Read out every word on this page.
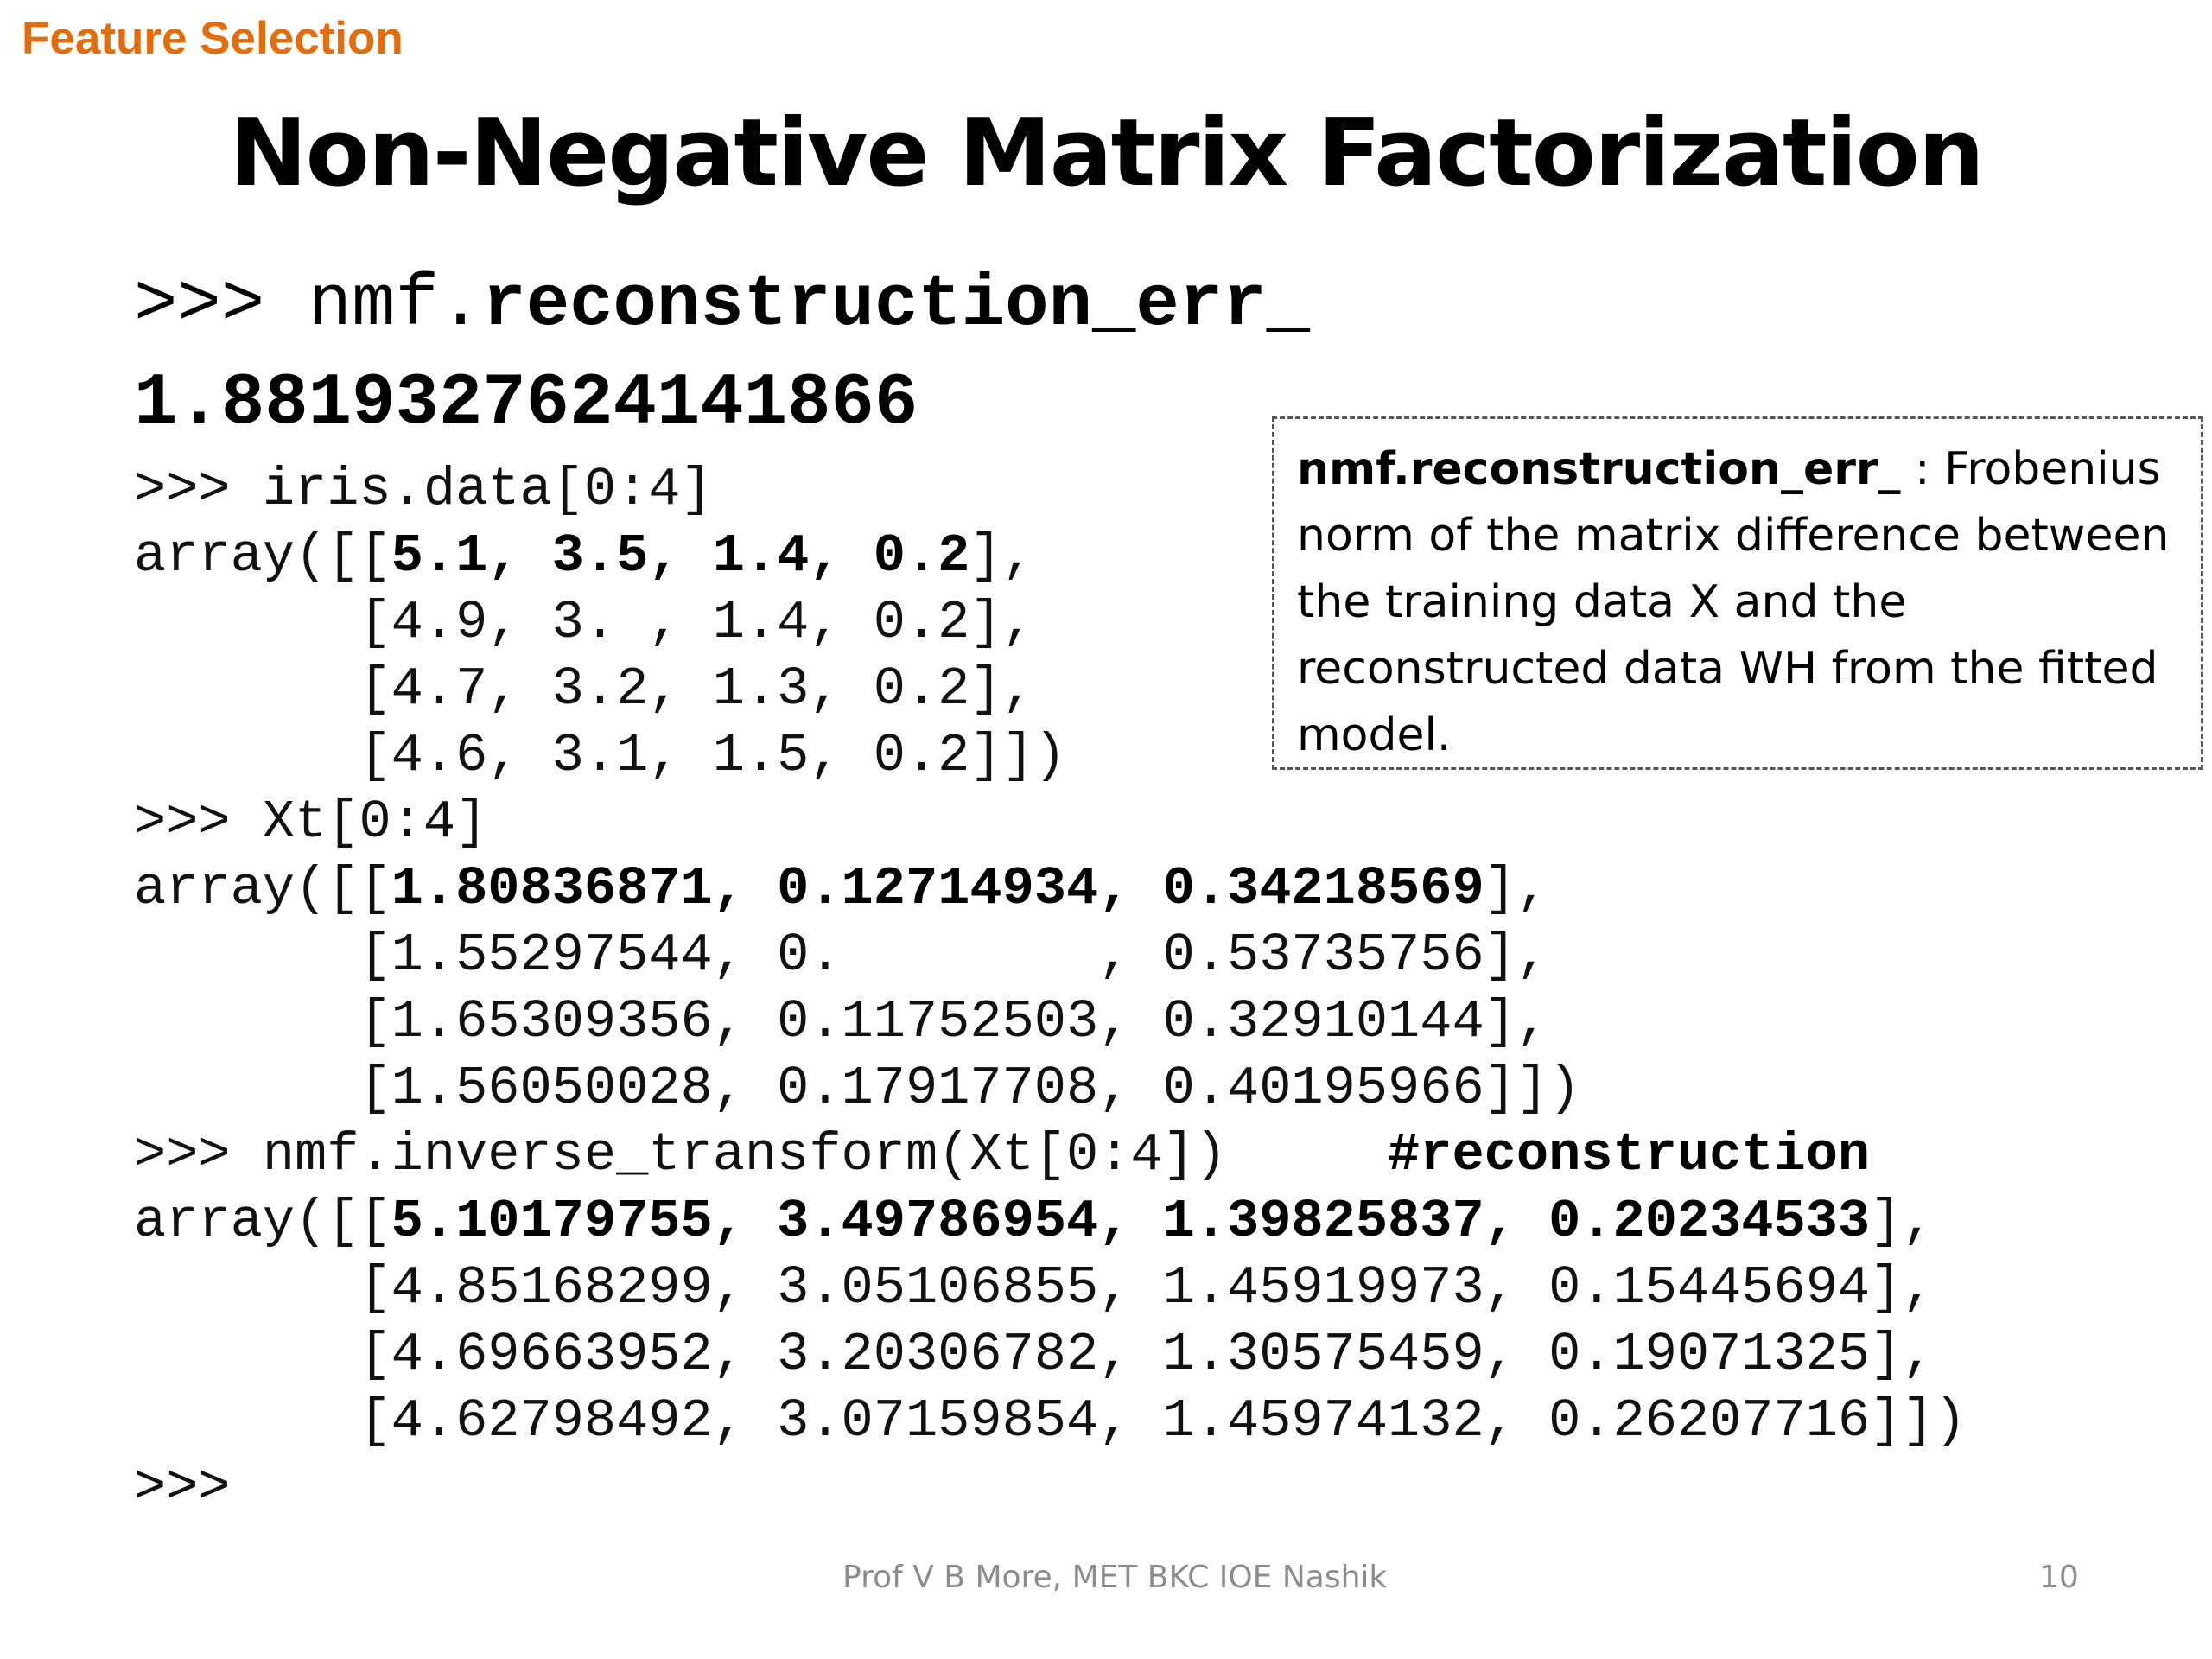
Feature Selection
Non-Negative Matrix Factorization
>>> nmf.reconstruction_err_
1.8819327624141866
>>> iris.data[0:4]
array([[5.1, 3.5, 1.4, 0.2],
[4.9, 3. , 1.4, 0.2],
[4.7, 3.2, 1.3, 0.2],
[4.6, 3.1, 1.5, 0.2]])
>>> Xt[0:4]
array([[1.80836871, 0.12714934, 0.34218569],
[1.55297544, 0.        , 0.53735756],
[1.65309356, 0.11752503, 0.32910144],
[1.56050028, 0.17917708, 0.40195966]])
>>> nmf.inverse_transform(Xt[0:4])	#reconstruction
array([[5.10179755, 3.49786954, 1.39825837, 0.20234533],
[4.85168299, 3.05106855, 1.45919973, 0.15445694],
[4.69663952, 3.20306782, 1.30575459, 0.19071325],
[4.62798492, 3.07159854, 1.45974132, 0.26207716]])
>>>
nmf.reconstruction_err_ : Frobenius norm of the matrix difference between the training data X and the reconstructed data WH from the fitted model.
Prof V B More, MET BKC IOE Nashik	10
